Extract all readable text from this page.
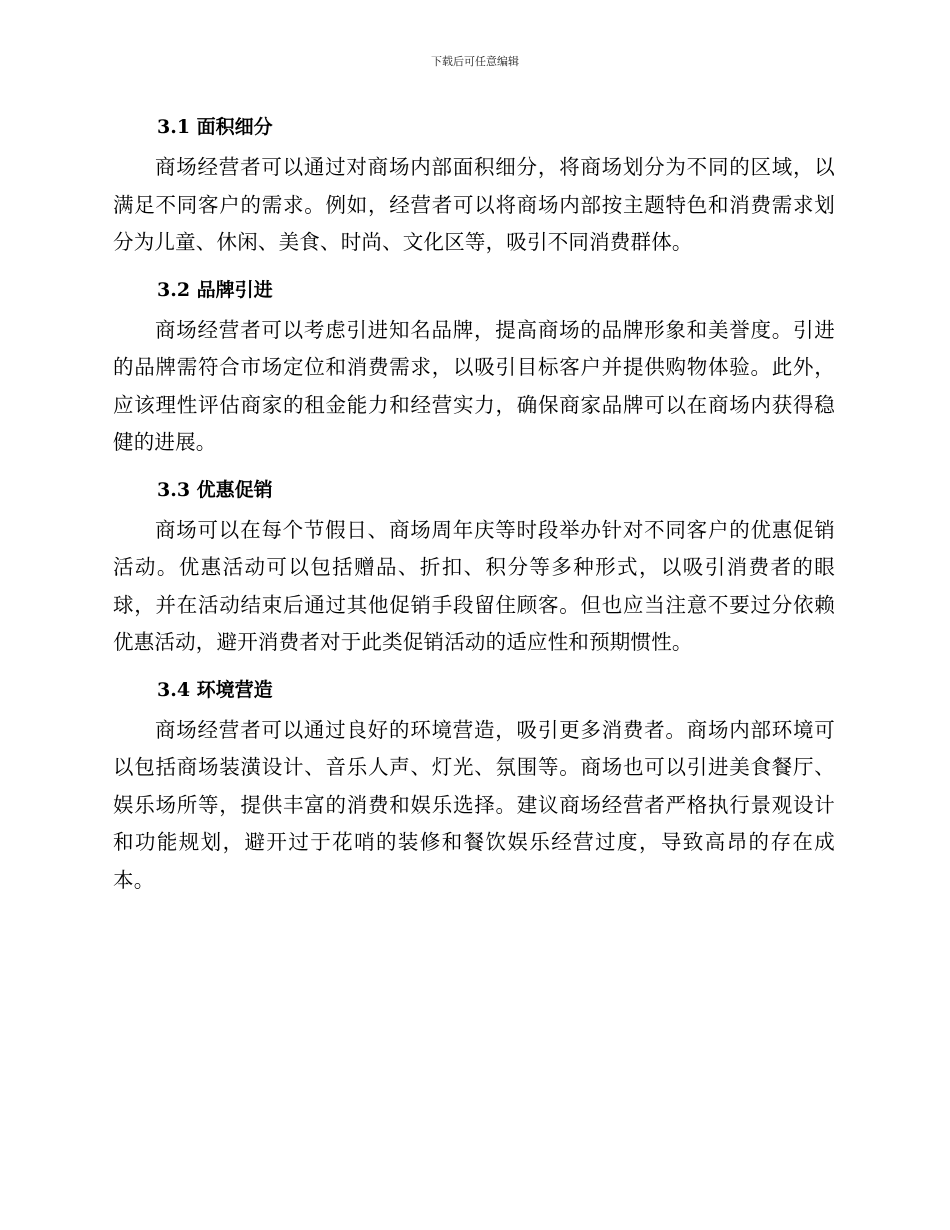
下载后可任意编辑
3.1 面积细分

商场经营者可以通过对商场内部面积细分，将商场划分为不同的区域，以满足不同客户的需求。例如，经营者可以将商场内部按主题特色和消费需求划分为儿童、休闲、美食、时尚、文化区等，吸引不同消费群体。

3.2 品牌引进

商场经营者可以考虑引进知名品牌，提高商场的品牌形象和美誉度。引进的品牌需符合市场定位和消费需求，以吸引目标客户并提供购物体验。此外，应该理性评估商家的租金能力和经营实力，确保商家品牌可以在商场内获得稳健的进展。

3.3 优惠促销

商场可以在每个节假日、商场周年庆等时段举办针对不同客户的优惠促销活动。优惠活动可以包括赠品、折扣、积分等多种形式，以吸引消费者的眼球，并在活动结束后通过其他促销手段留住顾客。但也应当注意不要过分依赖优惠活动，避开消费者对于此类促销活动的适应性和预期惯性。

3.4 环境营造

商场经营者可以通过良好的环境营造，吸引更多消费者。商场内部环境可以包括商场装潢设计、音乐人声、灯光、氛围等。商场也可以引进美食餐厅、娱乐场所等，提供丰富的消费和娱乐选择。建议商场经营者严格执行景观设计和功能规划，避开过于花哨的装修和餐饮娱乐经营过度，导致高昂的存在成本。
